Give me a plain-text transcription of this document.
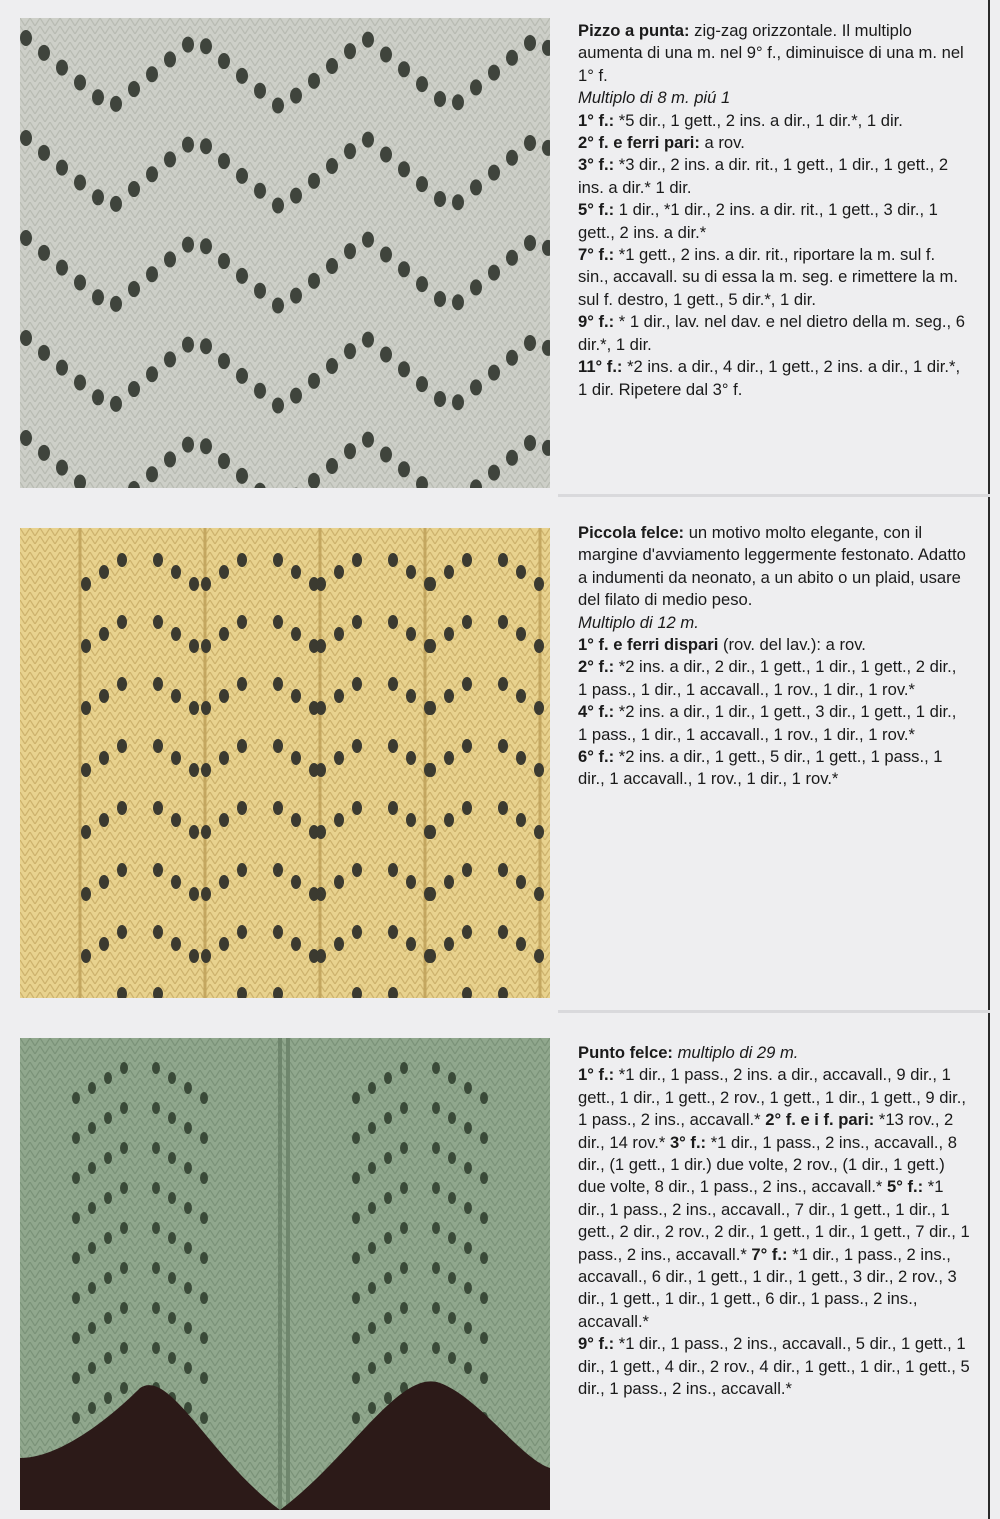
Pizzo a punta: zig-zag orizzontale. Il multiplo aumenta di una m. nel 9° f., diminuisce di una m. nel 1° f.

Multiplo di 8 m. piú 1

1° f.: *5 dir., 1 gett., 2 ins. a dir., 1 dir.*, 1 dir.

2° f. e ferri pari: a rov.

3° f.: *3 dir., 2 ins. a dir. rit., 1 gett., 1 dir., 1 gett., 2 ins. a dir.* 1 dir.

5° f.: 1 dir., *1 dir., 2 ins. a dir. rit., 1 gett., 3 dir., 1 gett., 2 ins. a dir.*

7° f.: *1 gett., 2 ins. a dir. rit., riportare la m. sul f. sin., accavall. su di essa la m. seg. e rimettere la m. sul f. destro, 1 gett., 5 dir.*, 1 dir.

9° f.: * 1 dir., lav. nel dav. e nel dietro della m. seg., 6 dir.*, 1 dir.

11° f.: *2 ins. a dir., 4 dir., 1 gett., 2 ins. a dir., 1 dir.*, 1 dir. Ripetere dal 3° f.

Piccola felce: un motivo molto elegante, con il margine d'avviamento leggermente festonato. Adatto a indumenti da neonato, a un abito o un plaid, usare del filato di medio peso.

Multiplo di 12 m.

1° f. e ferri dispari (rov. del lav.): a rov.

2° f.: *2 ins. a dir., 2 dir., 1 gett., 1 dir., 1 gett., 2 dir., 1 pass., 1 dir., 1 accavall., 1 rov., 1 dir., 1 rov.*

4° f.: *2 ins. a dir., 1 dir., 1 gett., 3 dir., 1 gett., 1 dir., 1 pass., 1 dir., 1 accavall., 1 rov., 1 dir., 1 rov.*

6° f.: *2 ins. a dir., 1 gett., 5 dir., 1 gett., 1 pass., 1 dir., 1 accavall., 1 rov., 1 dir., 1 rov.*

Punto felce: multiplo di 29 m.

1° f.: *1 dir., 1 pass., 2 ins. a dir., accavall., 9 dir., 1 gett., 1 dir., 1 gett., 2 rov., 1 gett., 1 dir., 1 gett., 9 dir., 1 pass., 2 ins., accavall.* 2° f. e i f. pari: *13 rov., 2 dir., 14 rov.* 3° f.: *1 dir., 1 pass., 2 ins., accavall., 8 dir., (1 gett., 1 dir.) due volte, 2 rov., (1 dir., 1 gett.) due volte, 8 dir., 1 pass., 2 ins., accavall.* 5° f.: *1 dir., 1 pass., 2 ins., accavall., 7 dir., 1 gett., 1 dir., 1 gett., 2 dir., 2 rov., 2 dir., 1 gett., 1 dir., 1 gett., 7 dir., 1 pass., 2 ins., accavall.* 7° f.: *1 dir., 1 pass., 2 ins., accavall., 6 dir., 1 gett., 1 dir., 1 gett., 3 dir., 2 rov., 3 dir., 1 gett., 1 dir., 1 gett., 6 dir., 1 pass., 2 ins., accavall.*

9° f.: *1 dir., 1 pass., 2 ins., accavall., 5 dir., 1 gett., 1 dir., 1 gett., 4 dir., 2 rov., 4 dir., 1 gett., 1 dir., 1 gett., 5 dir., 1 pass., 2 ins., accavall.*
